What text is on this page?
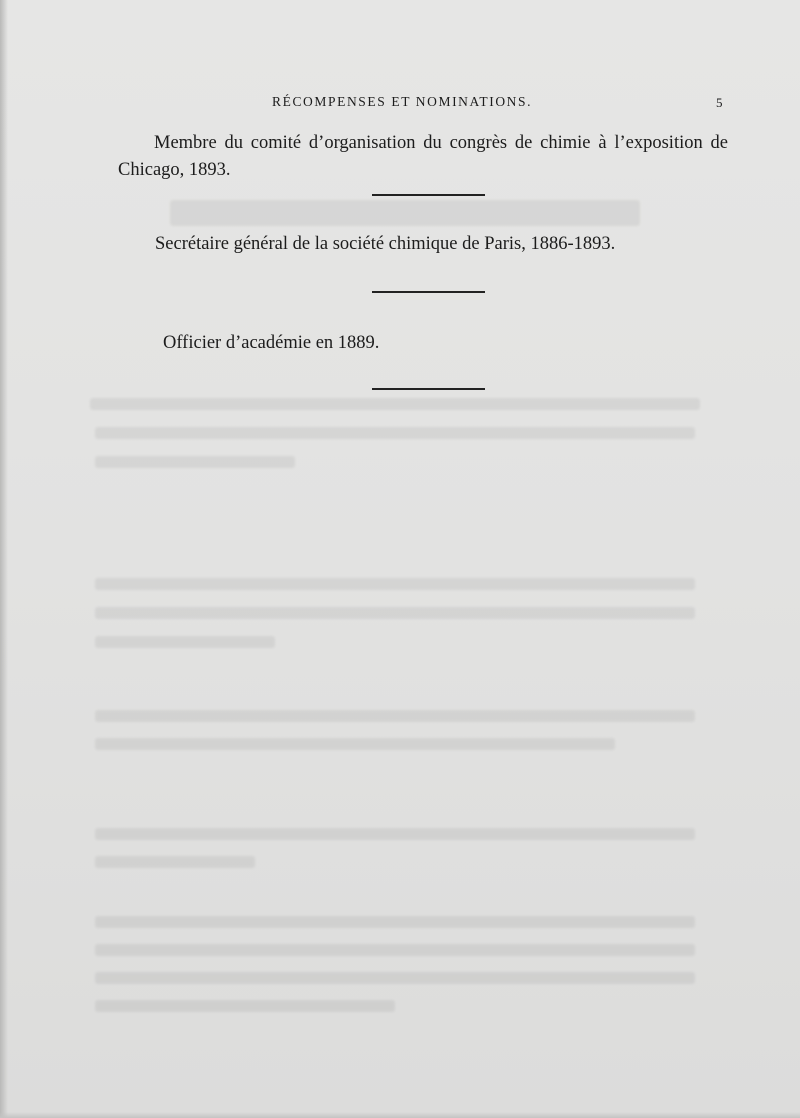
RÉCOMPENSES ET NOMINATIONS.	5

Membre du comité d’organisation du congrès de chimie à l’exposition de Chicago, 1893.

Secrétaire général de la société chimique de Paris, 1886-1893.

Officier d’académie en 1889.
